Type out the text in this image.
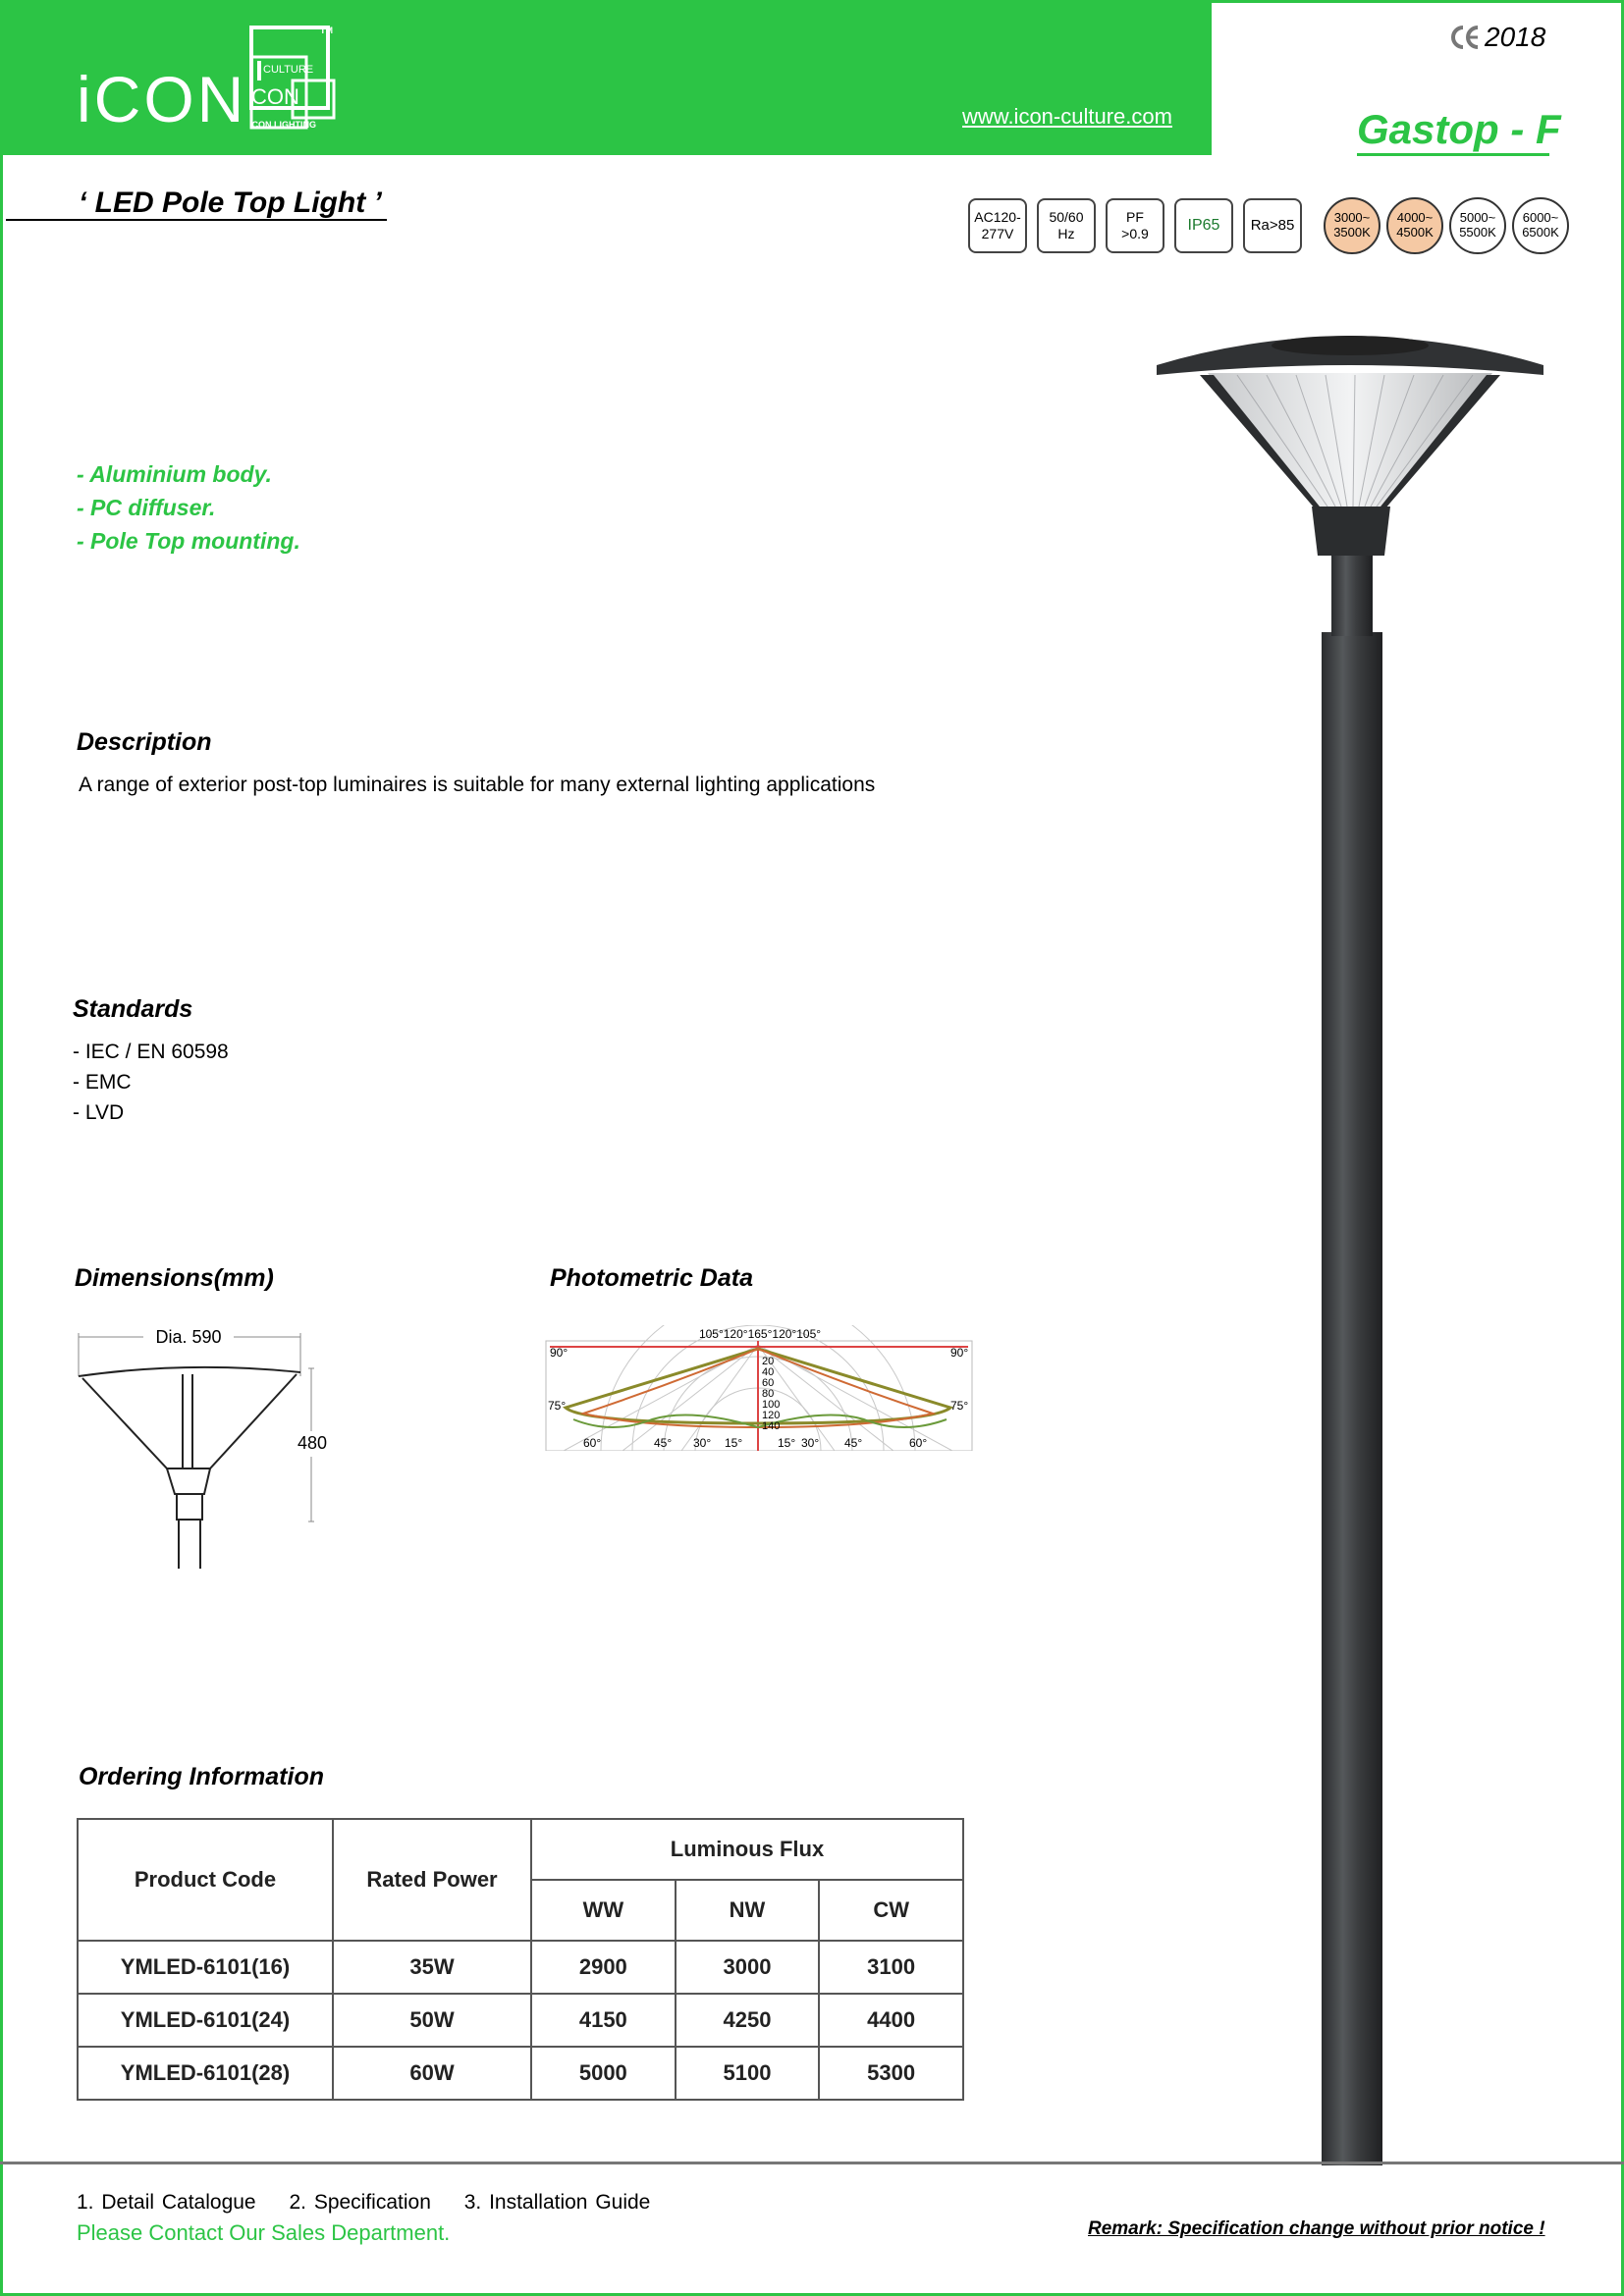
iCON CULTURE
CON
TM
ICON LIGHTING	www.icon-culture.com
2018
Gastop - F
‘ LED Pole Top Light ’	AC120-
277V
50/60
Hz
PF
>0.9	IP65	Ra>85	3000~
3500K
4000~
4500K
5000~
5500K
6000~
6500K
- Aluminium body.
- PC diffuser.
- Pole Top mounting.
Description
A range of exterior post-top luminaires is suitable for many external lighting applications
Standards
- IEC / EN 60598
- EMC
- LVD
Dimensions(mm)
Dia. 590
480
Photometric Data
105°120°165°120°105°
90°	90°
75°	75°
20
40
60
80
100
120
140
60°	45° 30° 15°	15° 30° 45°	60°
Ordering Information
Product Code	Rated Power	Luminous Flux		
		WW	NW	CW
YMLED-6101(16)	35W	2900	3000	3100
YMLED-6101(24)	50W	4150	4250	4400
YMLED-6101(28)	60W	5000	5100	5300
1. Detail Catalogue 2. Specification 3. Installation Guide
Please Contact Our Sales Department.	Remark: Specification change without prior notice !
